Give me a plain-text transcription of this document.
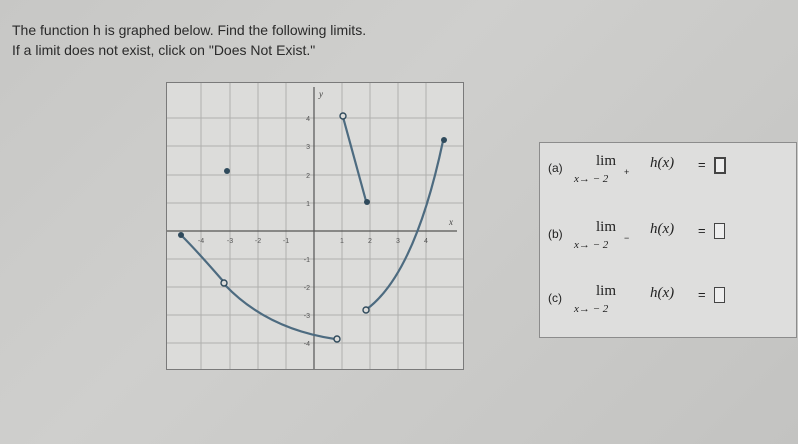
The function h is graphed below. Find the following limits.
If a limit does not exist, click on "Does Not Exist."
x
y
-4	-3	-2	-1	1	2	3	4
4
3
2
1
-1
-2
-3
-4
(a) lim
x→ − 2
+
h(x) =
(b) lim
x→ − 2
−
h(x) =
(c) lim
x→ − 2
h(x) =
